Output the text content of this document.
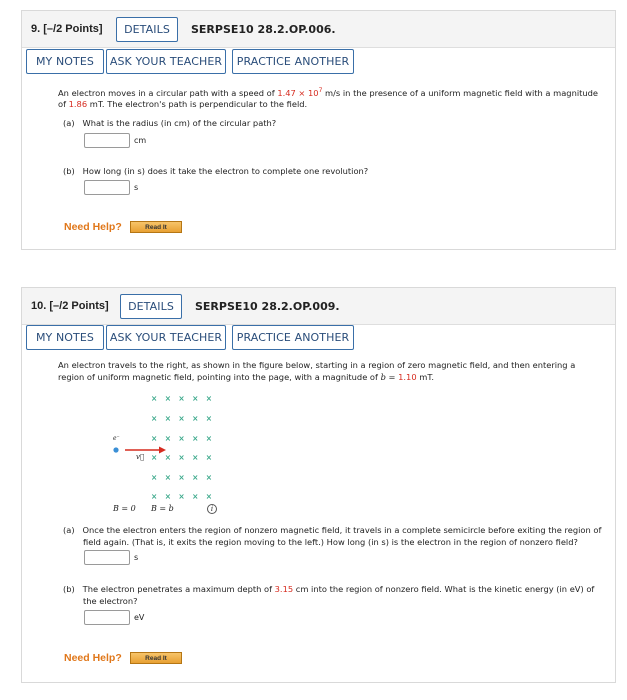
9. [–/2 Points] DETAILS SERPSE10 28.2.OP.006.
MY NOTES ASK YOUR TEACHER PRACTICE ANOTHER
An electron moves in a circular path with a speed of $1.47 \times 10^7$ m/s in the presence of a uniform magnetic field with a magnitude
of 1.86 mT. The electron's path is perpendicular to the field.
(a) What is the radius (in cm) of the circular path?
cm
(b) How long (in s) does it take the electron to complete one revolution?
s
Need Help?	Read It
10. [–/2 Points] DETAILS SERPSE10 28.2.OP.009.
MY NOTES ASK YOUR TEACHER PRACTICE ANOTHER
An electron travels to the right, as shown in the figure below, starting in a region of zero magnetic field, and then entering a
region of uniform magnetic field, pointing into the page, with a magnitude of b = 1.10 mT.
× × × × ×
× × × × ×
× × × × ×
× × × × ×
× × × × ×
× × × × ×
e⁻
v⃗
B = 0 B = b	i
(a) Once the electron enters the region of nonzero magnetic field, it travels in a complete semicircle before exiting the region of
field again. (That is, it exits the region moving to the left.) How long (in s) is the electron in the region of nonzero field?
s
(b) The electron penetrates a maximum depth of 3.15 cm into the region of nonzero field. What is the kinetic energy (in eV) of
the electron?
eV
Need Help?	Read It
